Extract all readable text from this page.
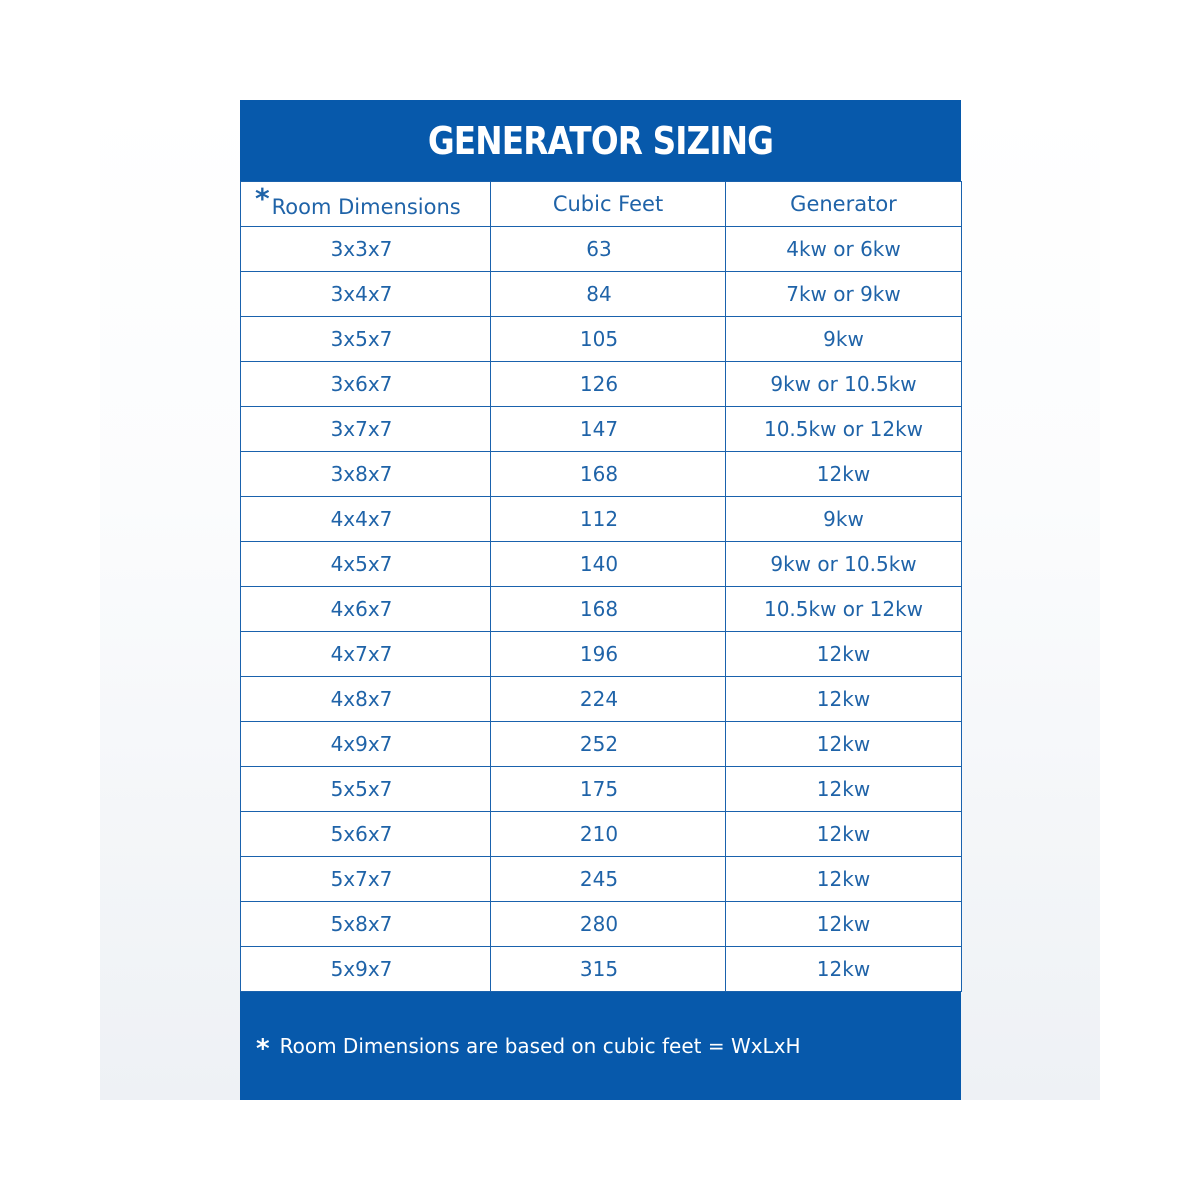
GENERATOR SIZING
*Room Dimensions	Cubic Feet	Generator
3x3x7	63	4kw or 6kw
3x4x7	84	7kw or 9kw
3x5x7	105	9kw
3x6x7	126	9kw or 10.5kw
3x7x7	147	10.5kw or 12kw
3x8x7	168	12kw
4x4x7	112	9kw
4x5x7	140	9kw or 10.5kw
4x6x7	168	10.5kw or 12kw
4x7x7	196	12kw
4x8x7	224	12kw
4x9x7	252	12kw
5x5x7	175	12kw
5x6x7	210	12kw
5x7x7	245	12kw
5x8x7	280	12kw
5x9x7	315	12kw
* Room Dimensions are based on cubic feet = WxLxH
